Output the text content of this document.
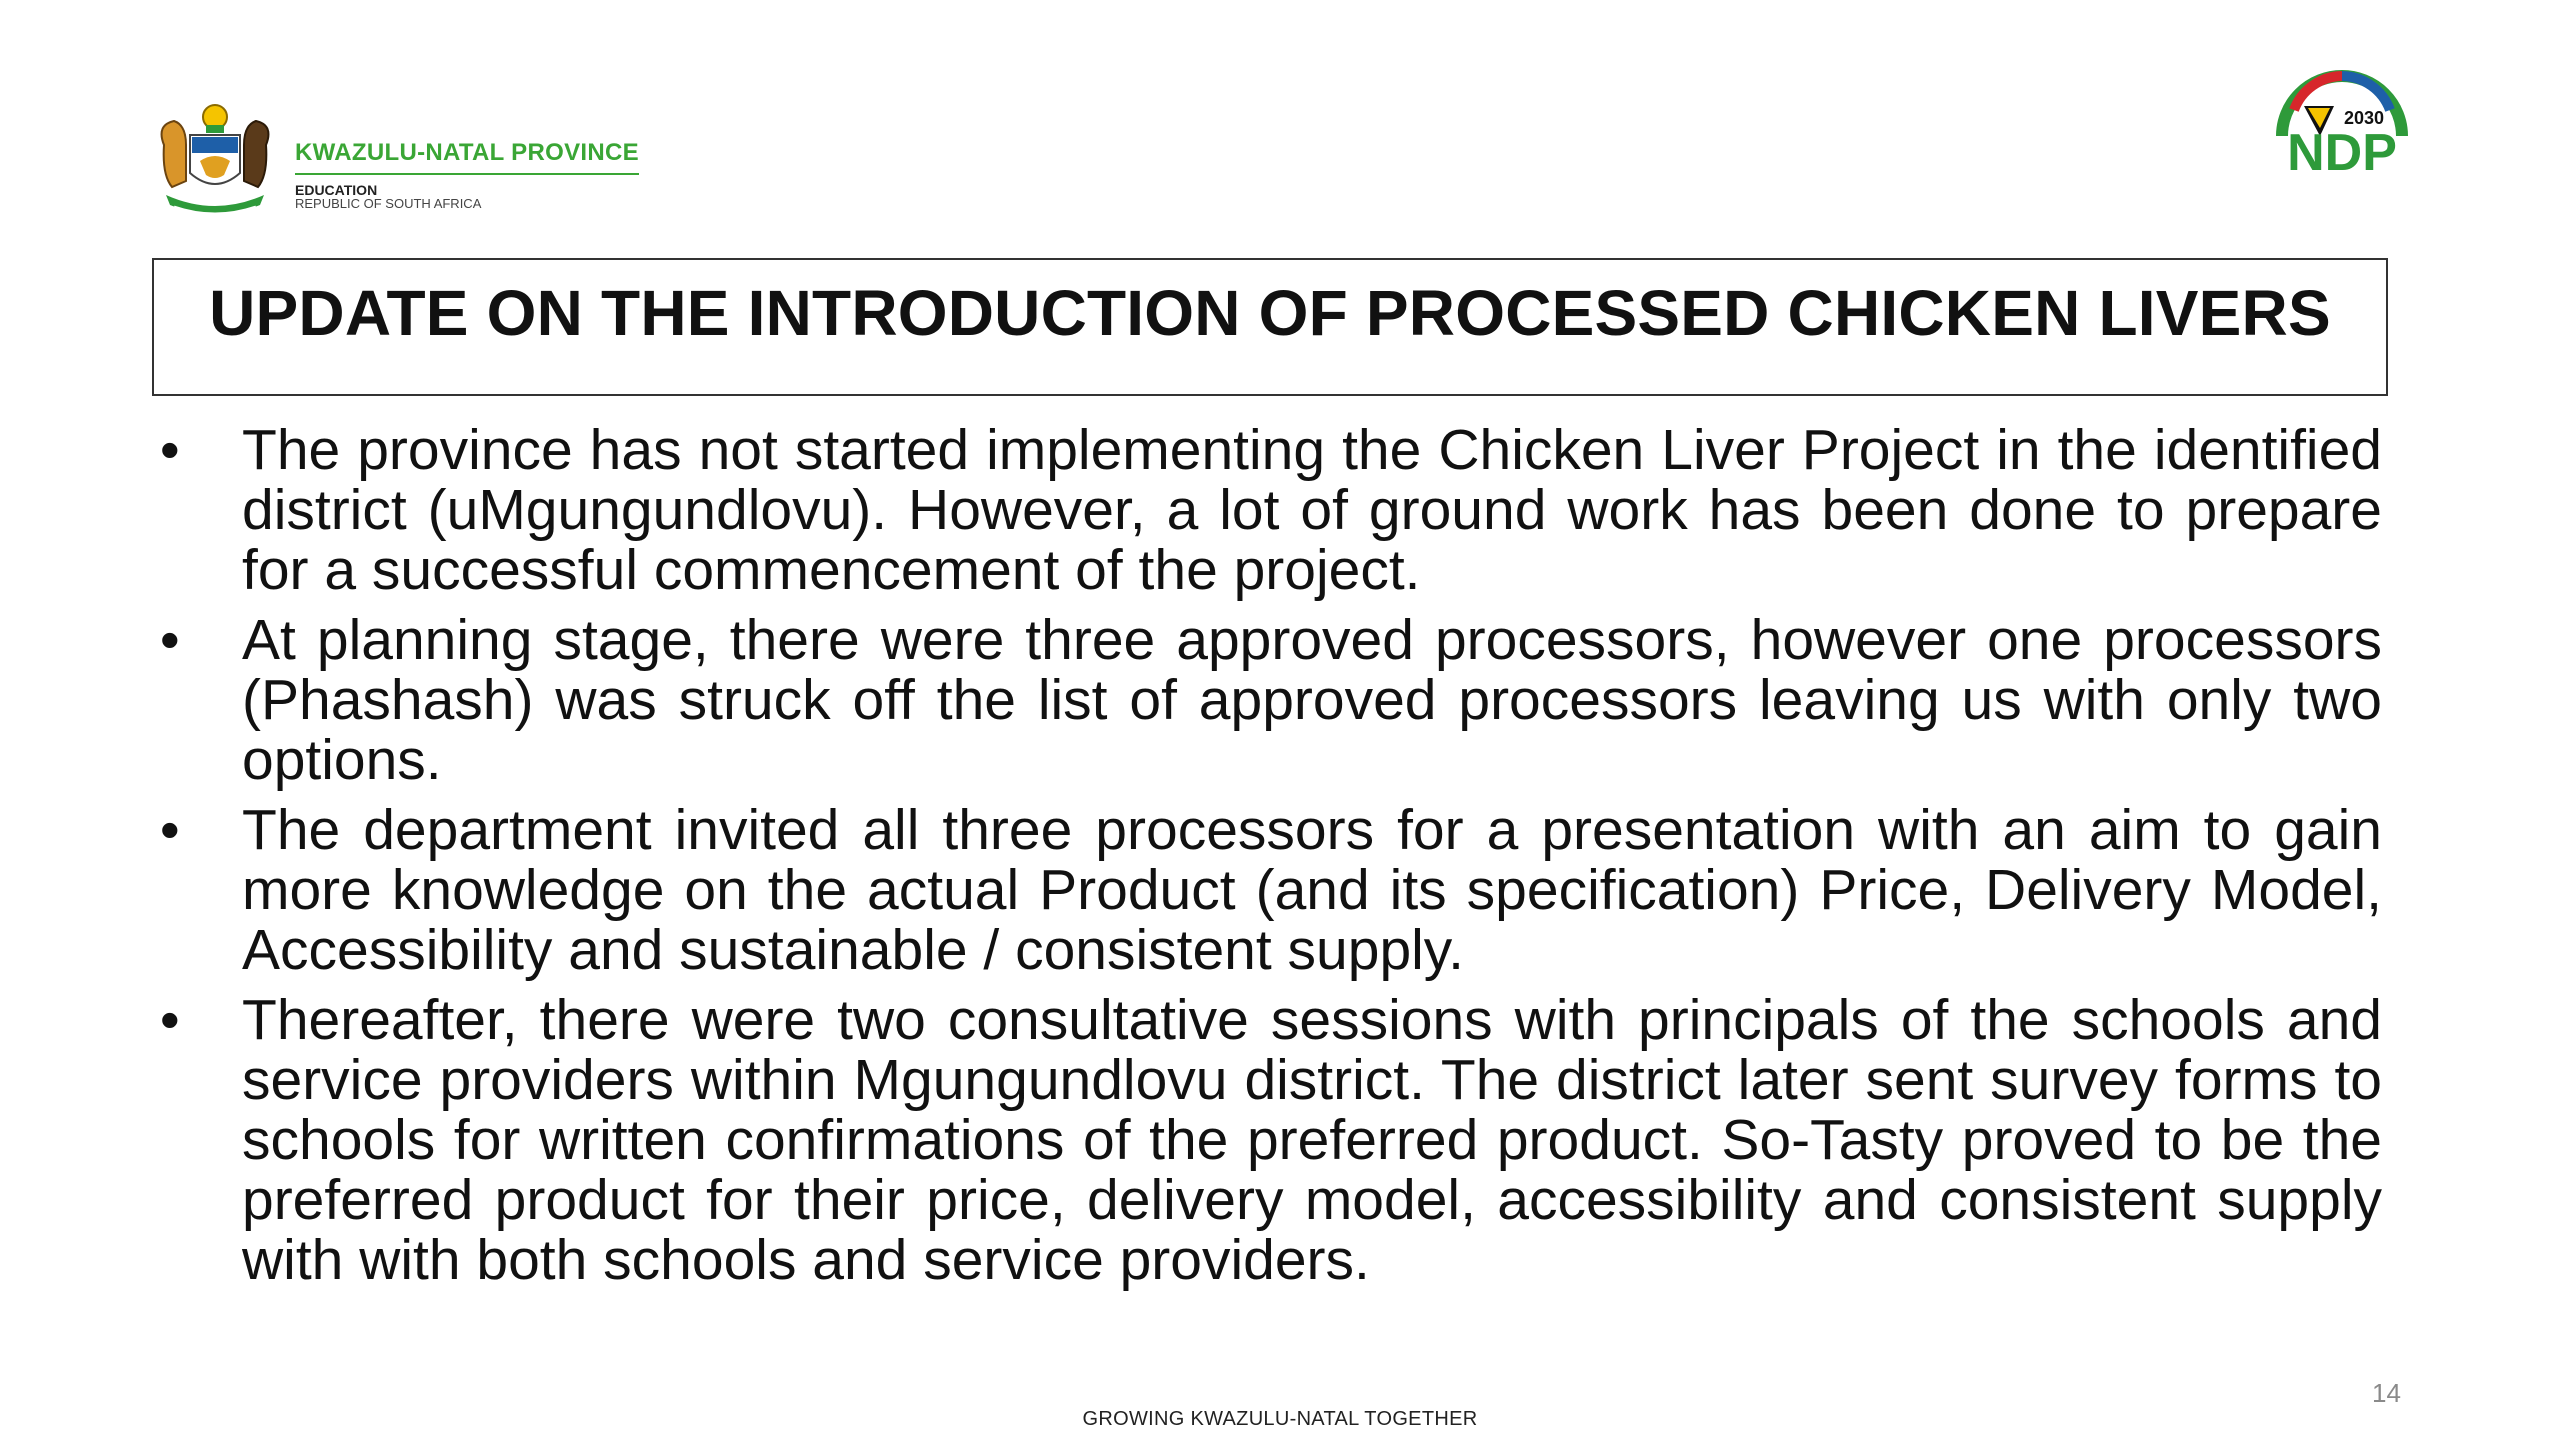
KWAZULU-NATAL PROVINCE
EDUCATION
REPUBLIC OF SOUTH AFRICA
2030
NDP
UPDATE ON THE INTRODUCTION OF PROCESSED CHICKEN LIVERS
• The province has not started implementing the Chicken Liver Project in the identified district (uMgungundlovu). However, a lot of ground work has been done to prepare for a successful commencement of the project.
• At planning stage, there were three approved processors, however one processors (Phashash) was struck off the list of approved processors leaving us with only two options.
• The department invited all three processors for a presentation with an aim to gain more knowledge on the actual Product (and its specification) Price, Delivery Model, Accessibility and sustainable / consistent supply.
• Thereafter, there were two consultative sessions with principals of the schools and service providers within Mgungundlovu district. The district later sent survey forms to schools for written confirmations of the preferred product. So-Tasty proved to be the preferred product for their price, delivery model, accessibility and consistent supply with with both schools and service providers.
14
GROWING KWAZULU-NATAL TOGETHER
